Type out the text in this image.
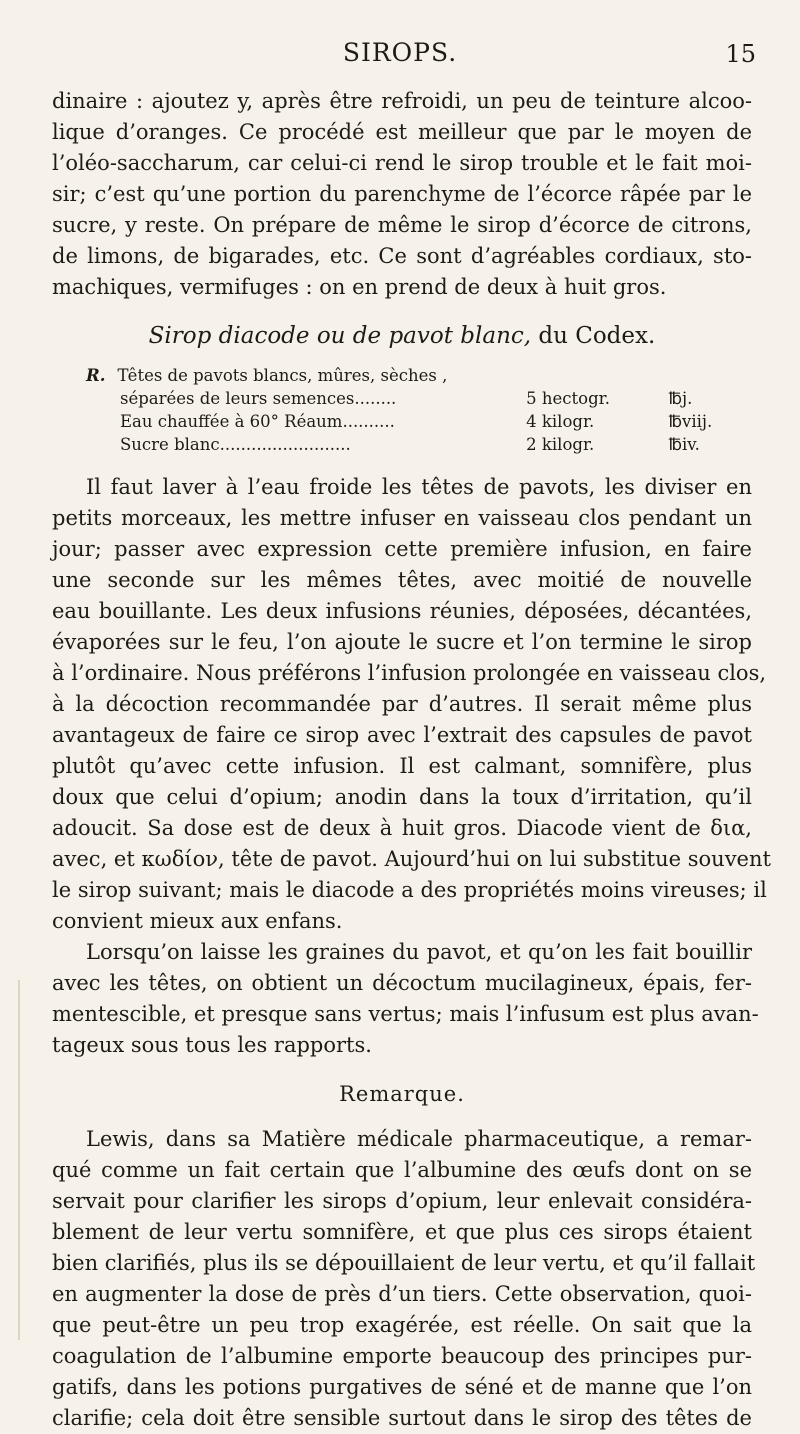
SIROPS.	15
dinaire : ajoutez y, après être refroidi, un peu de teinture alcoo-
lique d’oranges. Ce procédé est meilleur que par le moyen de
l’oléo-saccharum, car celui-ci rend le sirop trouble et le fait moi-
sir; c’est qu’une portion du parenchyme de l’écorce râpée par le
sucre, y reste. On prépare de même le sirop d’écorce de citrons,
de limons, de bigarades, etc. Ce sont d’agréables cordiaux, sto-
machiques, vermifuges : on en prend de deux à huit gros.
Sirop diacode ou de pavot blanc, du Codex.
R. Têtes de pavots blancs, mûres, sèches ,
séparées de leurs semences........	5 hectogr.	℔j.
Eau chauffée à 60° Réaum..........	4 kilogr.	℔viij.
Sucre blanc.........................	2 kilogr.	℔iv.
Il faut laver à l’eau froide les têtes de pavots, les diviser en
petits morceaux, les mettre infuser en vaisseau clos pendant un
jour; passer avec expression cette première infusion, en faire
une seconde sur les mêmes têtes, avec moitié de nouvelle
eau bouillante. Les deux infusions réunies, déposées, décantées,
évaporées sur le feu, l’on ajoute le sucre et l’on termine le sirop
à l’ordinaire. Nous préférons l’infusion prolongée en vaisseau clos,
à la décoction recommandée par d’autres. Il serait même plus
avantageux de faire ce sirop avec l’extrait des capsules de pavot
plutôt qu’avec cette infusion. Il est calmant, somnifère, plus
doux que celui d’opium; anodin dans la toux d’irritation, qu’il
adoucit. Sa dose est de deux à huit gros. Diacode vient de δια,
avec, et κωδίον, tête de pavot. Aujourd’hui on lui substitue souvent
le sirop suivant; mais le diacode a des propriétés moins vireuses; il
convient mieux aux enfans.
Lorsqu’on laisse les graines du pavot, et qu’on les fait bouillir
avec les têtes, on obtient un décoctum mucilagineux, épais, fer-
mentescible, et presque sans vertus; mais l’infusum est plus avan-
tageux sous tous les rapports.
Remarque.
Lewis, dans sa Matière médicale pharmaceutique, a remar-
qué comme un fait certain que l’albumine des œufs dont on se
servait pour clarifier les sirops d’opium, leur enlevait considéra-
blement de leur vertu somnifère, et que plus ces sirops étaient
bien clarifiés, plus ils se dépouillaient de leur vertu, et qu’il fallait
en augmenter la dose de près d’un tiers. Cette observation, quoi-
que peut-être un peu trop exagérée, est réelle. On sait que la
coagulation de l’albumine emporte beaucoup des principes pur-
gatifs, dans les potions purgatives de séné et de manne que l’on
clarifie; cela doit être sensible surtout dans le sirop des têtes de
